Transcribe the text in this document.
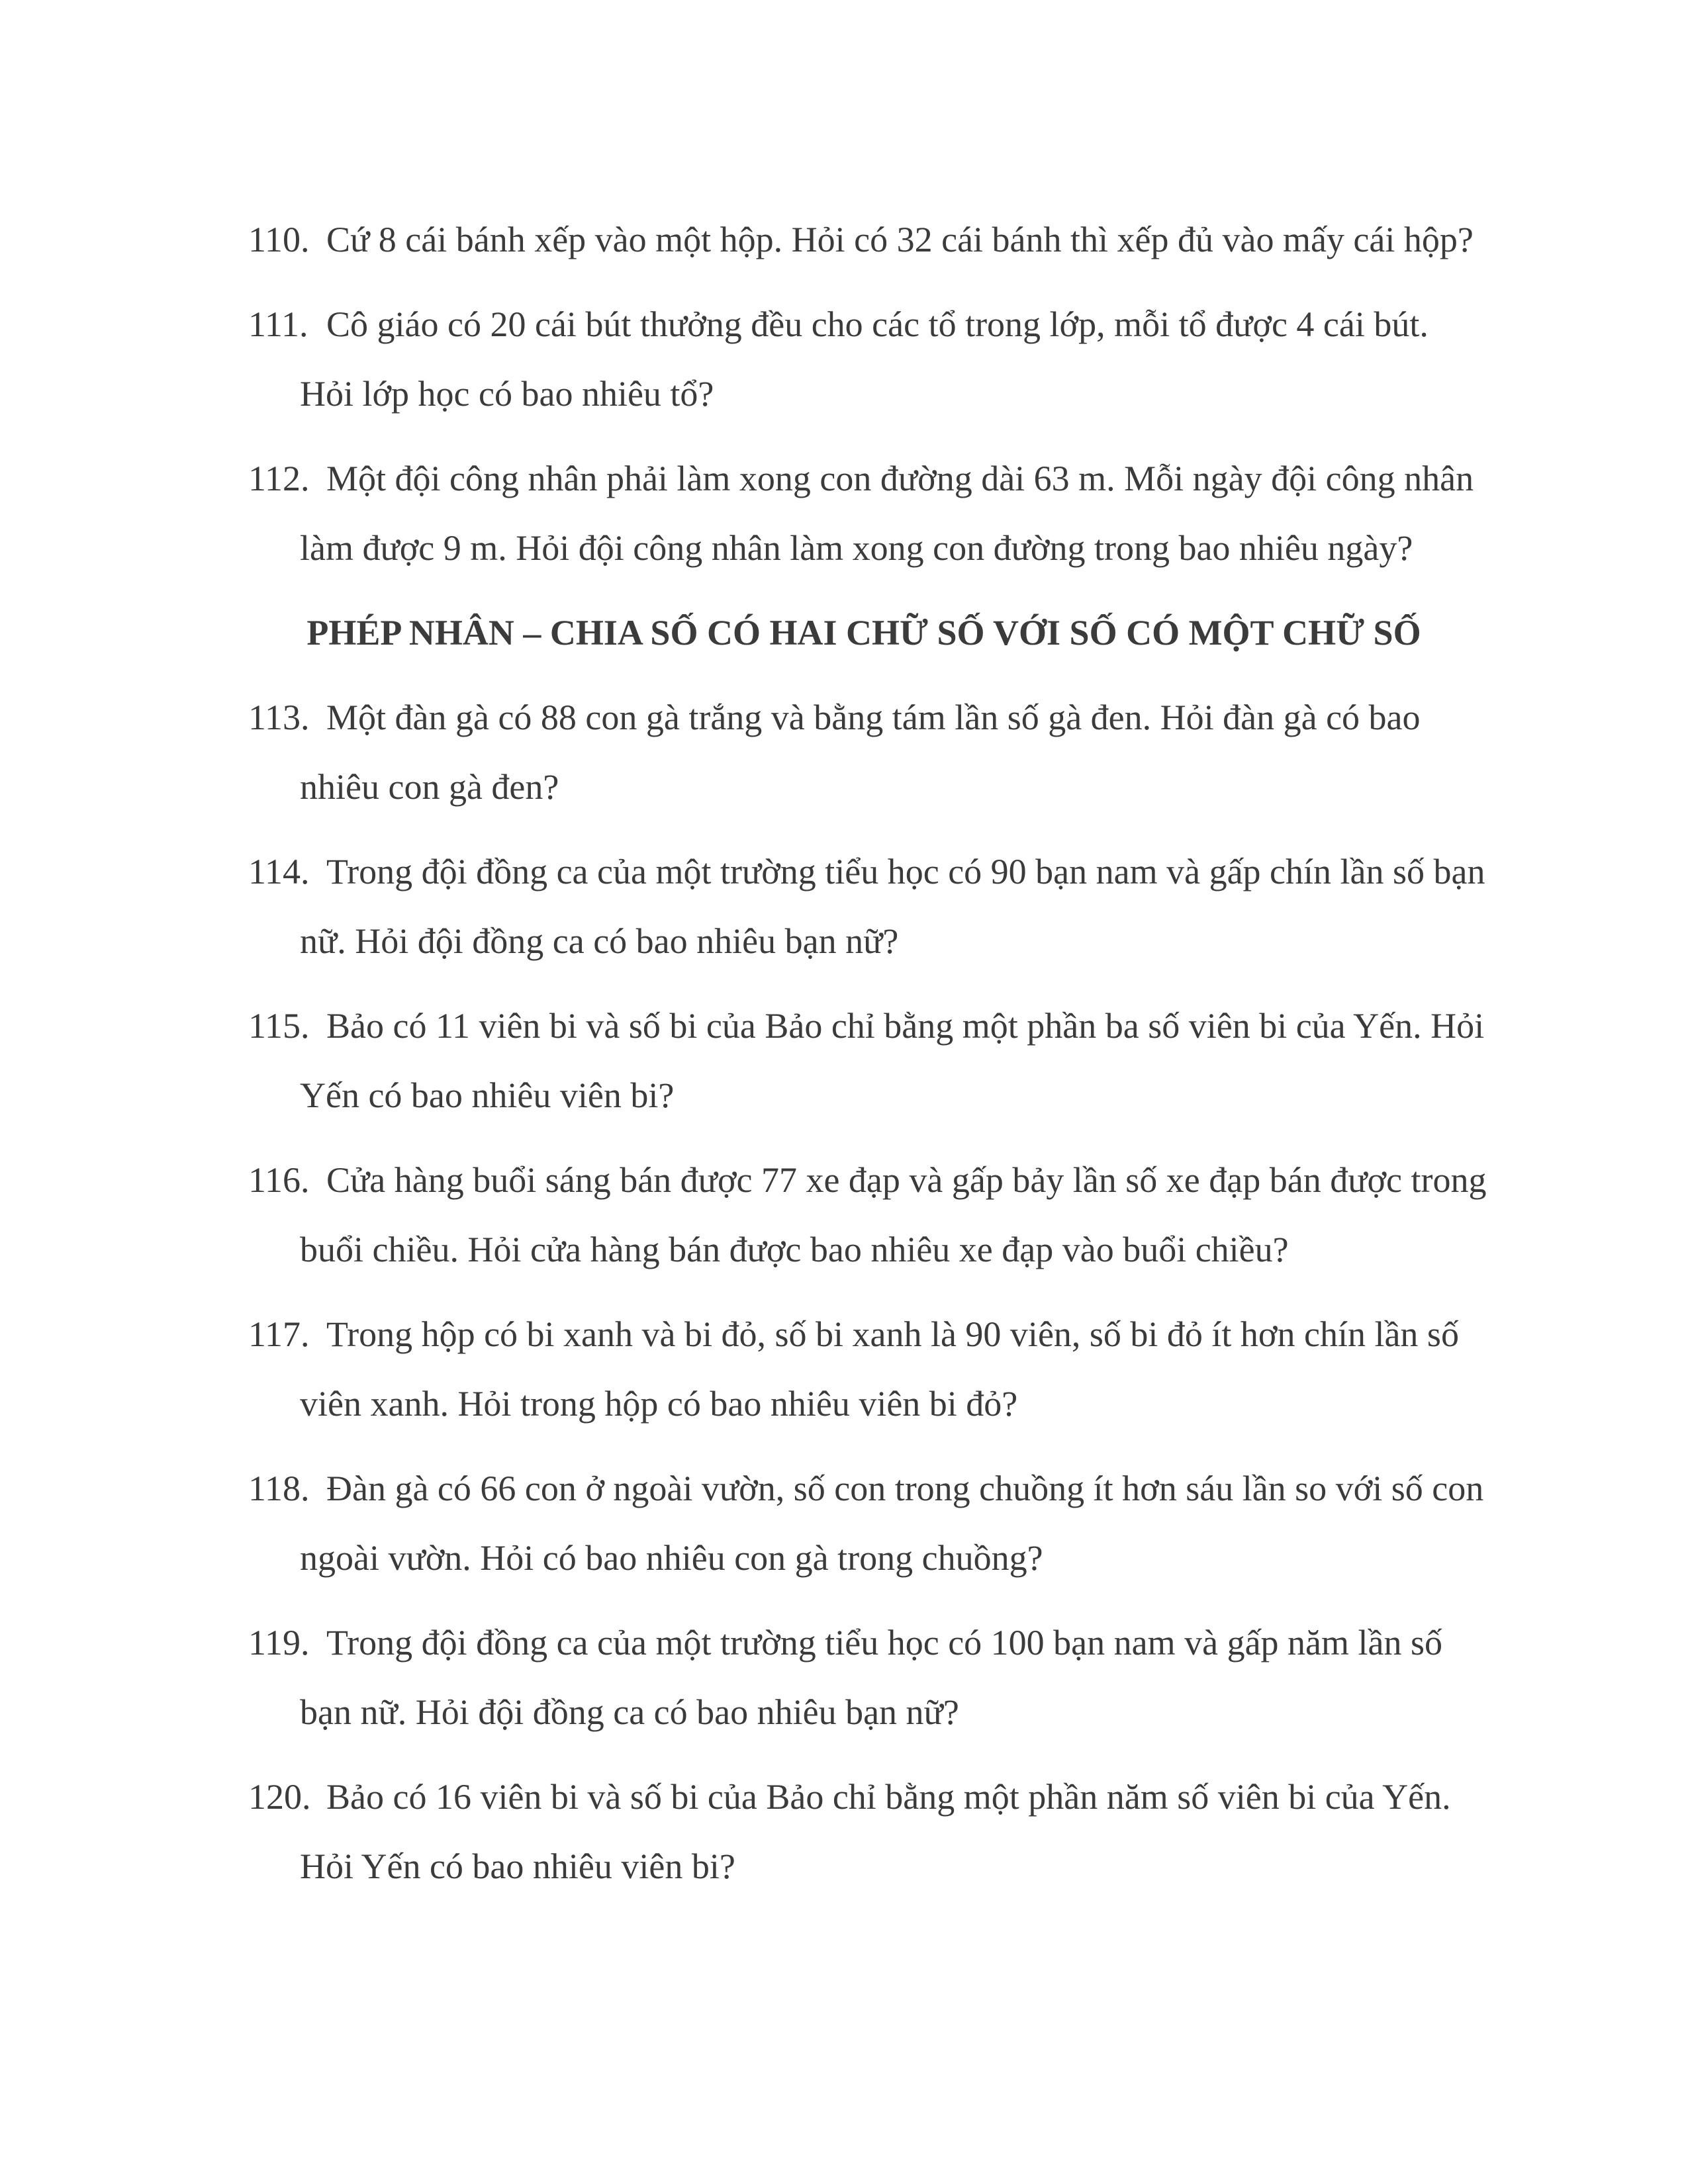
110. Cứ 8 cái bánh xếp vào một hộp. Hỏi có 32 cái bánh thì xếp đủ vào mấy cái hộp?
111. Cô giáo có 20 cái bút thưởng đều cho các tổ trong lớp, mỗi tổ được 4 cái bút.
Hỏi lớp học có bao nhiêu tổ?
112. Một đội công nhân phải làm xong con đường dài 63 m. Mỗi ngày đội công nhân
làm được 9 m. Hỏi đội công nhân làm xong con đường trong bao nhiêu ngày?
PHÉP NHÂN – CHIA SỐ CÓ HAI CHỮ SỐ VỚI SỐ CÓ MỘT CHỮ SỐ
113. Một đàn gà có 88 con gà trắng và bằng tám lần số gà đen. Hỏi đàn gà có bao
nhiêu con gà đen?
114. Trong đội đồng ca của một trường tiểu học có 90 bạn nam và gấp chín lần số bạn
nữ. Hỏi đội đồng ca có bao nhiêu bạn nữ?
115. Bảo có 11 viên bi và số bi của Bảo chỉ bằng một phần ba số viên bi của Yến. Hỏi
Yến có bao nhiêu viên bi?
116. Cửa hàng buổi sáng bán được 77 xe đạp và gấp bảy lần số xe đạp bán được trong
buổi chiều. Hỏi cửa hàng bán được bao nhiêu xe đạp vào buổi chiều?
117. Trong hộp có bi xanh và bi đỏ, số bi xanh là 90 viên, số bi đỏ ít hơn chín lần số
viên xanh. Hỏi trong hộp có bao nhiêu viên bi đỏ?
118. Đàn gà có 66 con ở ngoài vườn, số con trong chuồng ít hơn sáu lần so với số con
ngoài vườn. Hỏi có bao nhiêu con gà trong chuồng?
119. Trong đội đồng ca của một trường tiểu học có 100 bạn nam và gấp năm lần số
bạn nữ. Hỏi đội đồng ca có bao nhiêu bạn nữ?
120. Bảo có 16 viên bi và số bi của Bảo chỉ bằng một phần năm số viên bi của Yến.
Hỏi Yến có bao nhiêu viên bi?
